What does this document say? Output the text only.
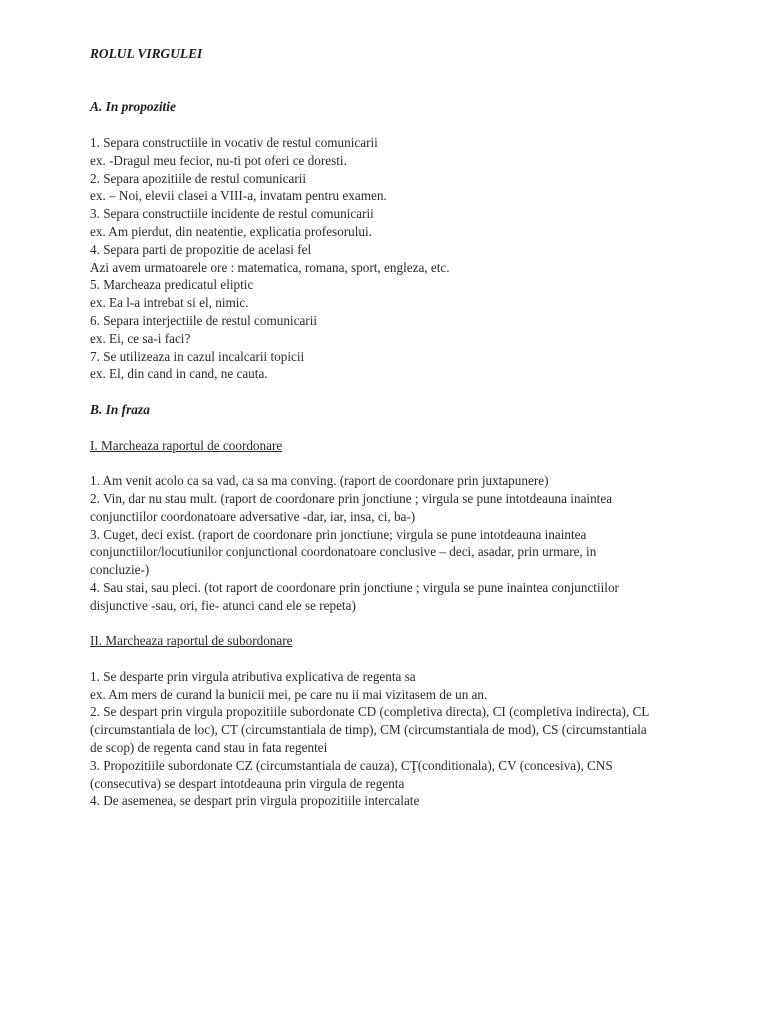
ROLUL VIRGULEI
A. In propozitie
1. Separa constructiile in vocativ de restul comunicarii
ex. -Dragul meu fecior, nu-ti pot oferi ce doresti.
2. Separa apozitiile de restul comunicarii
ex. – Noi, elevii clasei a VIII-a, invatam pentru examen.
3. Separa constructiile incidente de restul comunicarii
ex. Am pierdut, din neatentie, explicatia profesorului.
4. Separa parti de propozitie de acelasi fel
Azi avem urmatoarele ore : matematica, romana, sport, engleza, etc.
5. Marcheaza predicatul eliptic
ex. Ea l-a intrebat si el, nimic.
6. Separa interjectiile de restul comunicarii
ex. Ei, ce sa-i faci?
7. Se utilizeaza in cazul incalcarii topicii
ex. El, din cand in cand, ne cauta.
B. In fraza
I. Marcheaza raportul de coordonare
1. Am venit acolo ca sa vad, ca sa ma conving. (raport de coordonare prin juxtapunere)
2. Vin, dar nu stau mult. (raport de coordonare prin jonctiune ; virgula se pune intotdeauna inaintea
conjunctiilor coordonatoare adversative -dar, iar, insa, ci, ba-)
3. Cuget, deci exist. (raport de coordonare prin jonctiune; virgula se pune intotdeauna inaintea
conjunctiilor/locutiunilor conjunctional coordonatoare conclusive – deci, asadar, prin urmare, in
concluzie-)
4. Sau stai, sau pleci. (tot raport de coordonare prin jonctiune ; virgula se pune inaintea conjunctiilor
disjunctive -sau, ori, fie- atunci cand ele se repeta)
II. Marcheaza raportul de subordonare
1. Se desparte prin virgula atributiva explicativa de regenta sa
ex. Am mers de curand la bunicii mei, pe care nu ii mai vizitasem de un an.
2. Se despart prin virgula propozitiile subordonate CD (completiva directa), CI (completiva indirecta), CL
(circumstantiala de loc), CT (circumstantiala de timp), CM (circumstantiala de mod), CS (circumstantiala
de scop) de regenta cand stau in fata regentei
3. Propozitiile subordonate CZ (circumstantiala de cauza), CŢ(conditionala), CV (concesiva), CNS
(consecutiva) se despart intotdeauna prin virgula de regenta
4. De asemenea, se despart prin virgula propozitiile intercalate
